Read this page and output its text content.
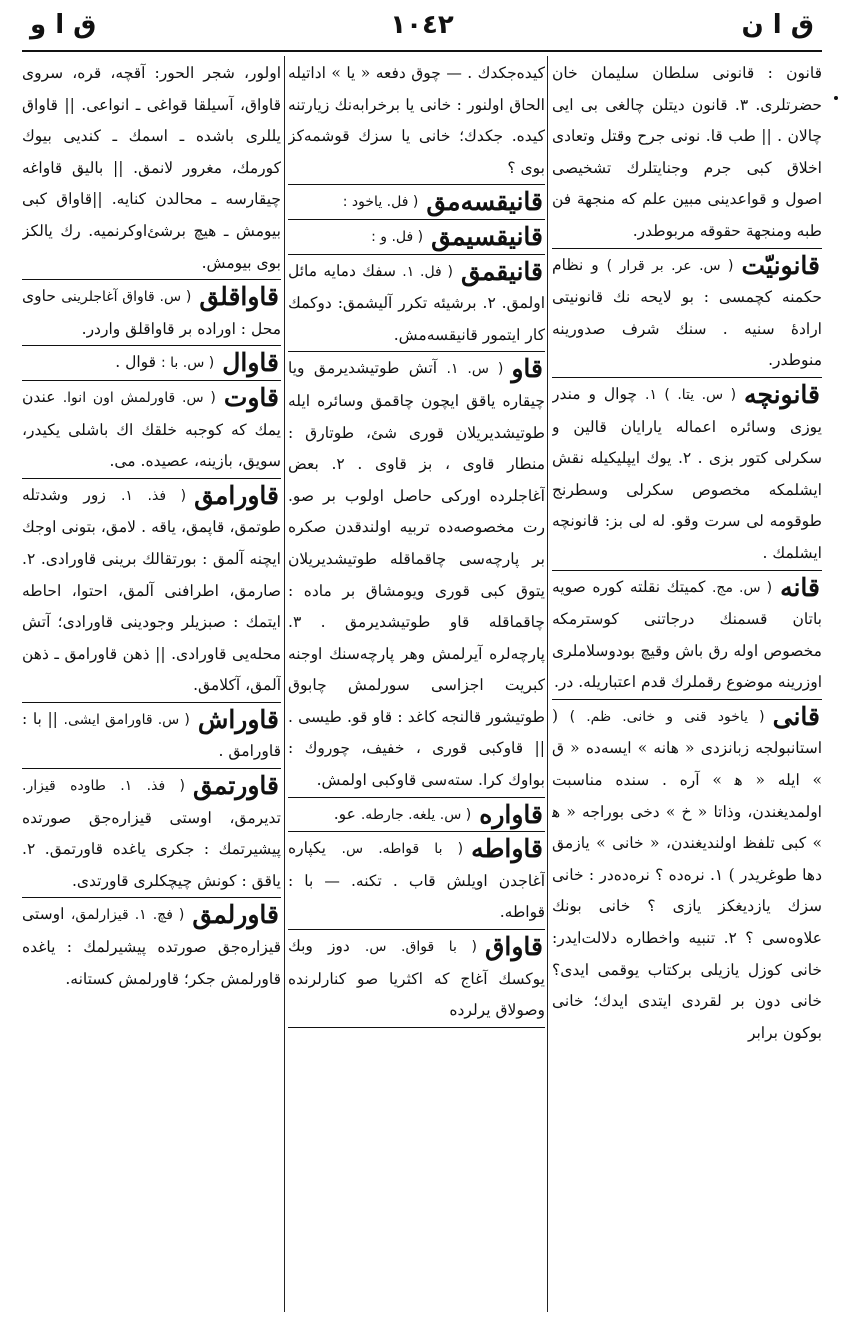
ق ا ن
١٠٤٢
ق ا و
قانون : قانونى سلطان سليمان خان حضرتلرى. ٣. قانون ديتلن چالغى بى ايى چالان . || طب قا. نونى جرح وقتل وتعادى اخلاق كبى جرم وجنايتلرك تشخيصى اصول و قواعدينى مبين علم كه منجهة فن طبه ومنجهة حقوقه مربوطدر.
قانونيّت
( س‌. عر. بر قرار ) و نظام حكمنه كچمسى : بو لايحه نك قانونيتى ارادهٔ سنيه . سنك شرف صدورينه منوطدر.
قانونچه
( س. يتا. ) ١. چوال و مندر يوزى وسائره اعماله يارايان قالين و سكرلى كتور بزى . ٢. يوك ايپليكيله نقش ايشلمكه مخصوص سكرلى وسطرنج طوقومه لى سرت وقو. له لى بز: قانونچه ايشلمك .
قانه
( س. مج. كميتك نقلته كوره صويه باتان قسمنك درجاتنى كوسترمكه مخصوص اوله رق باش وقيچ بودوسلاملرى اوزرينه موضوع رقملرك قدم اعتباريله. در.
قانى
( ياخود قنى و خانى. ظم. ) ( استانبولجه زبانزدى « هانه » ايسه‌ده « ق » ايله « ﻫ » آره . سنده مناسبت اولمديغندن، وذاتا « خ » دخى بوراجه « ﻫ » كبى تلفظ اولنديغندن، « خانى » يازمق دها طوغريدر ) ١. نره‌ده ؟ نره‌ده‌در : خانى سزك يازديغكز يازى ؟ خانى بونك علاوه‌سى ؟ ٢. تنبيه واخطاره دلالت‌ايدر: خانى كوزل يازيلى بركتاب يوقمى ايدى؟ خانى دون بر لقردى ايتدى ايدك؛ خانى بوكون برابر
كيده‌جكدك . — چوق دفعه « يا » اداتيله الحاق اولنور : خانى يا برخرابه‌نك زيارتنه كيده. جكدك؛ خانى يا سزك قوشمه‌كز بوى ؟
قانيقسه‌مق
( فل. ياخود :
قانيقسيمق
( فل. و :
قانيقمق
( فل. ١. سفك دمايه مائل اولمق. ٢. برشيئه تكرر آليشمق: دوكمك كار ايتمور قانيقسه‌مش.
قاو
( س. ١. آتش طوتيشديرمق ويا چيقاره ياقق ايچون چاقمق وسائره ايله طوتيشديريلان قورى شئ، طوتارق : منطار قاوى ، بز قاوى . ٢. بعض آغاجلرده اوركى حاصل اولوب بر صو. رت مخصوصه‌ده تربيه اولندقدن صكره بر پارچه‌سى چاقماقله طوتيشديريلان يتوق كبى قورى ويومشاق بر ماده : چاقماقله قاو طوتيشديرمق . ٣. پارچه‌لره آيرلمش وهر پارچه‌سنك اوجنه كبريت اجزاسى سورلمش چابوق طوتيشور قالنجه كاغد : قاو قو. طيسى . || قاوكبى قورى ، خفيف، چوروك : بواوك كرا. سته‌سى قاوكبى اولمش.
قاواره
( س. يلغه. جارطه. عو.
قاواطه
( با قواطه. س. يكپاره آغاجدن اويلش قاب . تكنه. — با : قواطه.
قاواق
( با قواق. س. دوز وبك يوكسك آغاج كه اكثريا صو كنارلرنده وصولاق يرلرده
اولور، شجر الحور: آقچه، قره، سروى قاواق، آسيلقا قواغى ـ انواعى. || قاواق يللرى باشده ـ اسمك ـ كنديى بيوك كورمك، مغرور لانمق. || باليق قاواغه چيقارسه ـ محالدن كنايه. ||قاواق كبى بيومش ـ هيچ برشئ‌اوكرنميه. رك يالكز بوى بيومش.
قاواقلق
( س. قاواق آغاجلرينى حاوى محل : اوراده بر قاواقلق واردر.
قاوال
( س. با : قوال .
قاوت
( س. قاورلمش اون انوا. عندن يمك كه كوجبه خلقك اك باشلى يكيدر، سويق، بازينه، عصيده. مى.
قاورامق
( فذ. ١. زور وشدتله طوتمق، قاپمق، ياقه . لامق، بتونى اوجك ايچنه آلمق : بورتقالك برينى قاورادى. ٢. صارمق، اطرافنى آلمق، احتوا، احاطه ايتمك : صبزيلر وجودينى قاورادى؛ آتش محله‌يى قاورادى. || ذهن قاورامق ـ ذهن آلمق، آكلامق.
قاوراش
( س. قاورامق ايشى. || با : قاورامق .
قاورتمق
( فذ. ١. طاوده قيزار. تديرمق، اوستى قيزاره‌جق صورتده پيشيرتمك : جكرى ياغده قاورتمق. ٢. ياقق : كونش چيچكلرى قاورتدى.
قاورلمق
( فچ. ١. قيزارلمق، اوستى قيزاره‌جق صورتده پيشيرلمك : ياغده قاورلمش جكر؛ قاورلمش كستانه.
